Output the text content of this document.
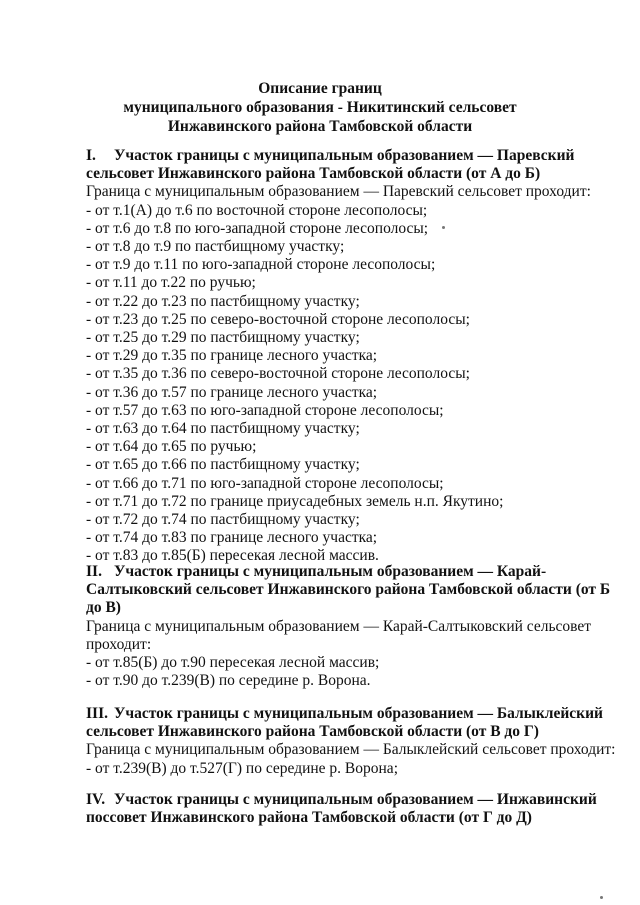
Описание границ
муниципального образования - Никитинский сельсовет
Инжавинского района Тамбовской области
I. Участок границы с муниципальным образованием — Паревский
сельсовет Инжавинского района Тамбовской области (от А до Б)
Граница с муниципальным образованием — Паревский сельсовет проходит:
- от т.1(А) до т.6 по восточной стороне лесополосы;
- от т.6 до т.8 по юго-западной стороне лесополосы;
- от т.8 до т.9 по пастбищному участку;
- от т.9 до т.11 по юго-западной стороне лесополосы;
- от т.11 до т.22 по ручью;
- от т.22 до т.23 по пастбищному участку;
- от т.23 до т.25 по северо-восточной стороне лесополосы;
- от т.25 до т.29 по пастбищному участку;
- от т.29 до т.35 по границе лесного участка;
- от т.35 до т.36 по северо-восточной стороне лесополосы;
- от т.36 до т.57 по границе лесного участка;
- от т.57 до т.63 по юго-западной стороне лесополосы;
- от т.63 до т.64 по пастбищному участку;
- от т.64 до т.65 по ручью;
- от т.65 до т.66 по пастбищному участку;
- от т.66 до т.71 по юго-западной стороне лесополосы;
- от т.71 до т.72 по границе приусадебных земель н.п. Якутино;
- от т.72 до т.74 по пастбищному участку;
- от т.74 до т.83 по границе лесного участка;
- от т.83 до т.85(Б) пересекая лесной массив.
II. Участок границы с муниципальным образованием — Карай-
Салтыковский сельсовет Инжавинского района Тамбовской области (от Б
до В)
Граница с муниципальным образованием — Карай-Салтыковский сельсовет
проходит:
- от т.85(Б) до т.90 пересекая лесной массив;
- от т.90 до т.239(В) по середине р. Ворона.
III. Участок границы с муниципальным образованием — Балыклейский
сельсовет Инжавинского района Тамбовской области (от В до Г)
Граница с муниципальным образованием — Балыклейский сельсовет проходит:
- от т.239(В) до т.527(Г) по середине р. Ворона;
IV. Участок границы с муниципальным образованием — Инжавинский
поссовет Инжавинского района Тамбовской области (от Г до Д)
